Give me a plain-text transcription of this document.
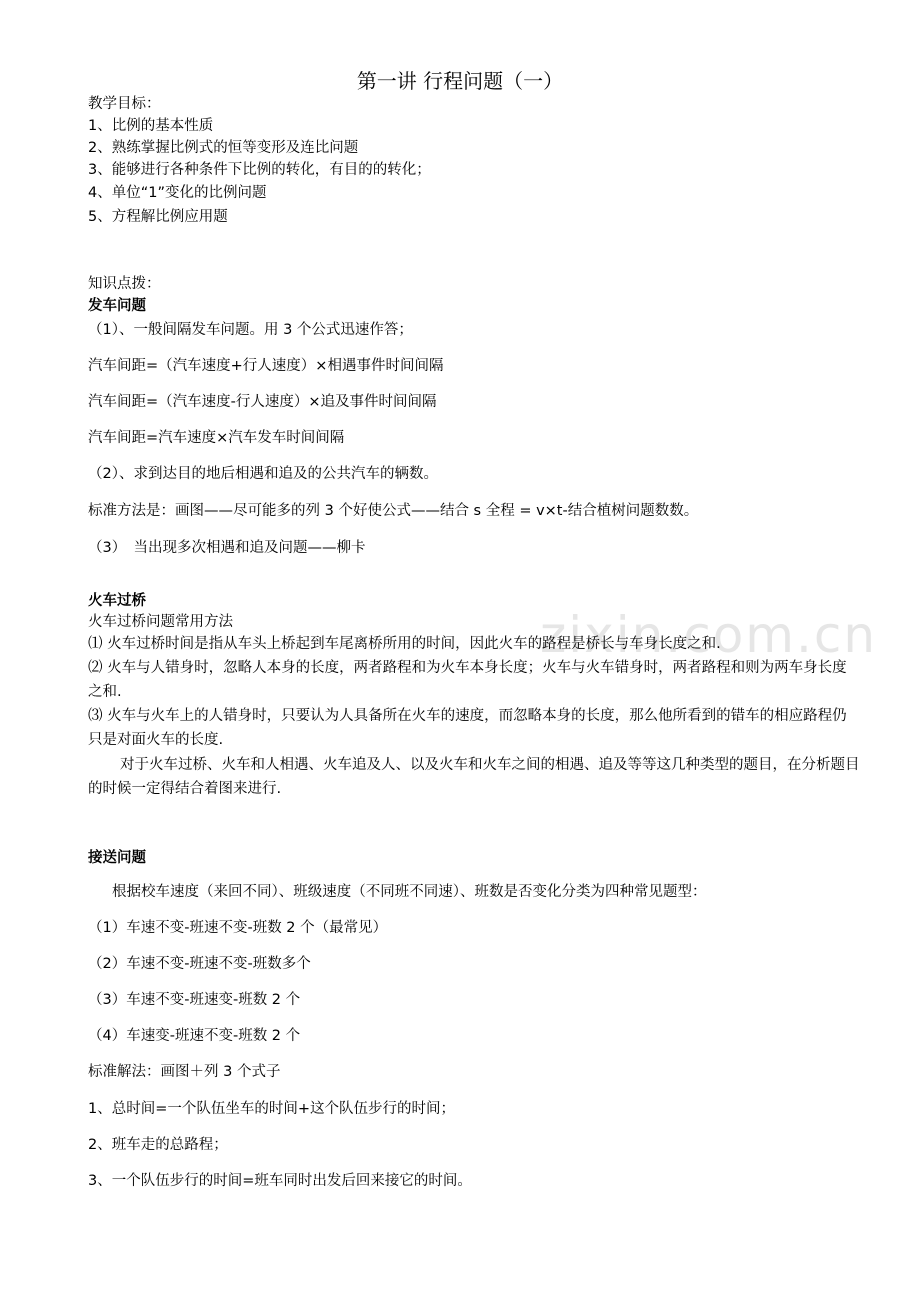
zixin.com.cn
第一讲 行程问题（一）
教学目标：
1、比例的基本性质
2、熟练掌握比例式的恒等变形及连比问题
3、能够进行各种条件下比例的转化，有目的的转化；
4、单位“1”变化的比例问题
5、方程解比例应用题
知识点拨：
发车问题
（1）、一般间隔发车问题。用 3 个公式迅速作答；
汽车间距=（汽车速度+行人速度）×相遇事件时间间隔
汽车间距=（汽车速度-行人速度）×追及事件时间间隔
汽车间距=汽车速度×汽车发车时间间隔
（2）、求到达目的地后相遇和追及的公共汽车的辆数。
标准方法是：画图——尽可能多的列 3 个好使公式——结合 s 全程 = v×t-结合植树问题数数。
（3）　当出现多次相遇和追及问题——柳卡
火车过桥
火车过桥问题常用方法
⑴ 火车过桥时间是指从车头上桥起到车尾离桥所用的时间，因此火车的路程是桥长与车身长度之和.
⑵ 火车与人错身时，忽略人本身的长度，两者路程和为火车本身长度；火车与火车错身时，两者路程和则为两车身长度之和.
⑶ 火车与火车上的人错身时，只要认为人具备所在火车的速度，而忽略本身的长度，那么他所看到的错车的相应路程仍只是对面火车的长度.
对于火车过桥、火车和人相遇、火车追及人、以及火车和火车之间的相遇、追及等等这几种类型的题目，在分析题目的时候一定得结合着图来进行.
接送问题
根据校车速度（来回不同）、班级速度（不同班不同速）、班数是否变化分类为四种常见题型：
（1）车速不变-班速不变-班数 2 个（最常见）
（2）车速不变-班速不变-班数多个
（3）车速不变-班速变-班数 2 个
（4）车速变-班速不变-班数 2 个
标准解法：画图＋列 3 个式子
1、总时间=一个队伍坐车的时间+这个队伍步行的时间；
2、班车走的总路程；
3、一个队伍步行的时间=班车同时出发后回来接它的时间。
